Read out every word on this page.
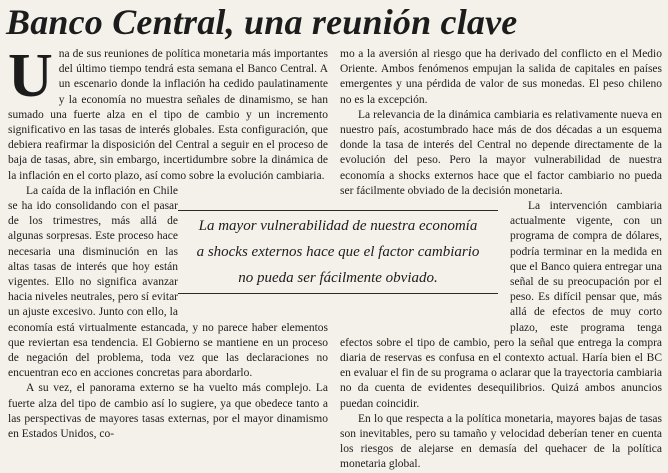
Banco Central, una reunión clave
U na de sus reuniones de política monetaria más importantes del último tiempo tendrá esta semana el Banco Central. A un escenario donde la inflación ha cedido paulatinamente y la economía no muestra señales de dinamismo, se han sumado una fuerte alza en el tipo de cambio y un incremento significativo en las tasas de interés globales. Esta configuración, que debiera reafirmar la disposición del Central a seguir en el proceso de baja de tasas, abre, sin embargo, incertidumbre sobre la dinámica de la inflación en el corto plazo, así como sobre la evolución cambiaria.

La caída de la inflación en Chile se ha ido consolidando con el pasar de los trimestres, más allá de algunas sorpresas. Este proceso hace necesaria una disminución en las altas tasas de interés que hoy están vigentes. Ello no significa avanzar hacia niveles neutrales, pero sí evitar un ajuste excesivo. Junto con ello, la economía está virtualmente estancada, y no parece haber elementos que reviertan esa tendencia. El Gobierno se mantiene en un proceso de negación del problema, toda vez que las declaraciones no encuentran eco en acciones concretas para abordarlo.

A su vez, el panorama externo se ha vuelto más complejo. La fuerte alza del tipo de cambio así lo sugiere, ya que obedece tanto a las perspectivas de mayores tasas externas, por el mayor dinamismo en Estados Unidos, co-

mo a la aversión al riesgo que ha derivado del conflicto en el Medio Oriente. Ambos fenómenos empujan la salida de capitales en países emergentes y una pérdida de valor de sus monedas. El peso chileno no es la excepción.

La relevancia de la dinámica cambiaria es relativamente nueva en nuestro país, acostumbrado hace más de dos décadas a un esquema donde la tasa de interés del Central no depende directamente de la evolución del peso. Pero la mayor vulnerabilidad de nuestra economía a shocks externos hace que el factor cambiario no pueda ser fácilmente obviado de la decisión monetaria.

La intervención cambiaria actualmente vigente, con un programa de compra de dólares, podría terminar en la medida en que el Banco quiera entregar una señal de su preocupación por el peso. Es difícil pensar que, más allá de efectos de muy corto plazo, este programa tenga efectos sobre el tipo de cambio, pero la señal que entrega la compra diaria de reservas es confusa en el contexto actual. Haría bien el BC en evaluar el fin de su programa o aclarar que la trayectoria cambiaria no da cuenta de evidentes desequilibrios. Quizá ambos anuncios puedan coincidir.

En lo que respecta a la política monetaria, mayores bajas de tasas son inevitables, pero su tamaño y velocidad deberían tener en cuenta los riesgos de alejarse en demasía del quehacer de la política monetaria global.

La mayor vulnerabilidad de nuestra economía
a shocks externos hace que el factor cambiario
no pueda ser fácilmente obviado.
